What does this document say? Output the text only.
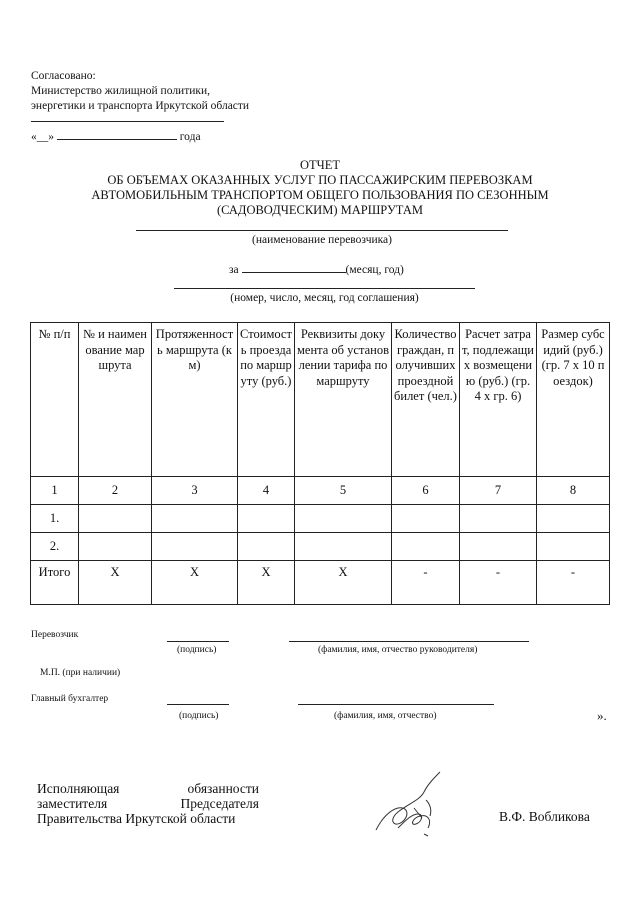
Согласовано:
Министерство жилищной политики,
энергетики и транспорта Иркутской области
«__»	года
ОТЧЕТ
ОБ ОБЪЕМАХ ОКАЗАННЫХ УСЛУГ ПО ПАССАЖИРСКИМ ПЕРЕВОЗКАМ
АВТОМОБИЛЬНЫМ ТРАНСПОРТОМ ОБЩЕГО ПОЛЬЗОВАНИЯ ПО СЕЗОННЫМ
(САДОВОДЧЕСКИМ) МАРШРУТАМ
(наименование перевозчика)
за	(месяц, год)
(номер, число, месяц, год соглашения)
№ п/п	№ и наименование маршрута	Протяженность маршрута (км)	Стоимость проезда по маршруту (руб.)	Реквизиты документа об установлении тарифа по маршруту	Количество граждан, получивших проездной билет (чел.)	Расчет затрат, подлежащих возмещению (руб.) (гр. 4 х гр. 6)	Размер субсидий (руб.) (гр. 7 х 10 поездок)
1	2	3	4	5	6	7	8
1.							
2.							
Итого	Х	Х	Х	Х	-	-	-
Перевозчик
(подпись)	(фамилия, имя, отчество руководителя)
М.П. (при наличии)
Главный бухгалтер
(подпись)	(фамилия, имя, отчество)	».
Исполняющая	обязанности
заместителя	Председателя
Правительства Иркутской области	В.Ф. Вобликова
